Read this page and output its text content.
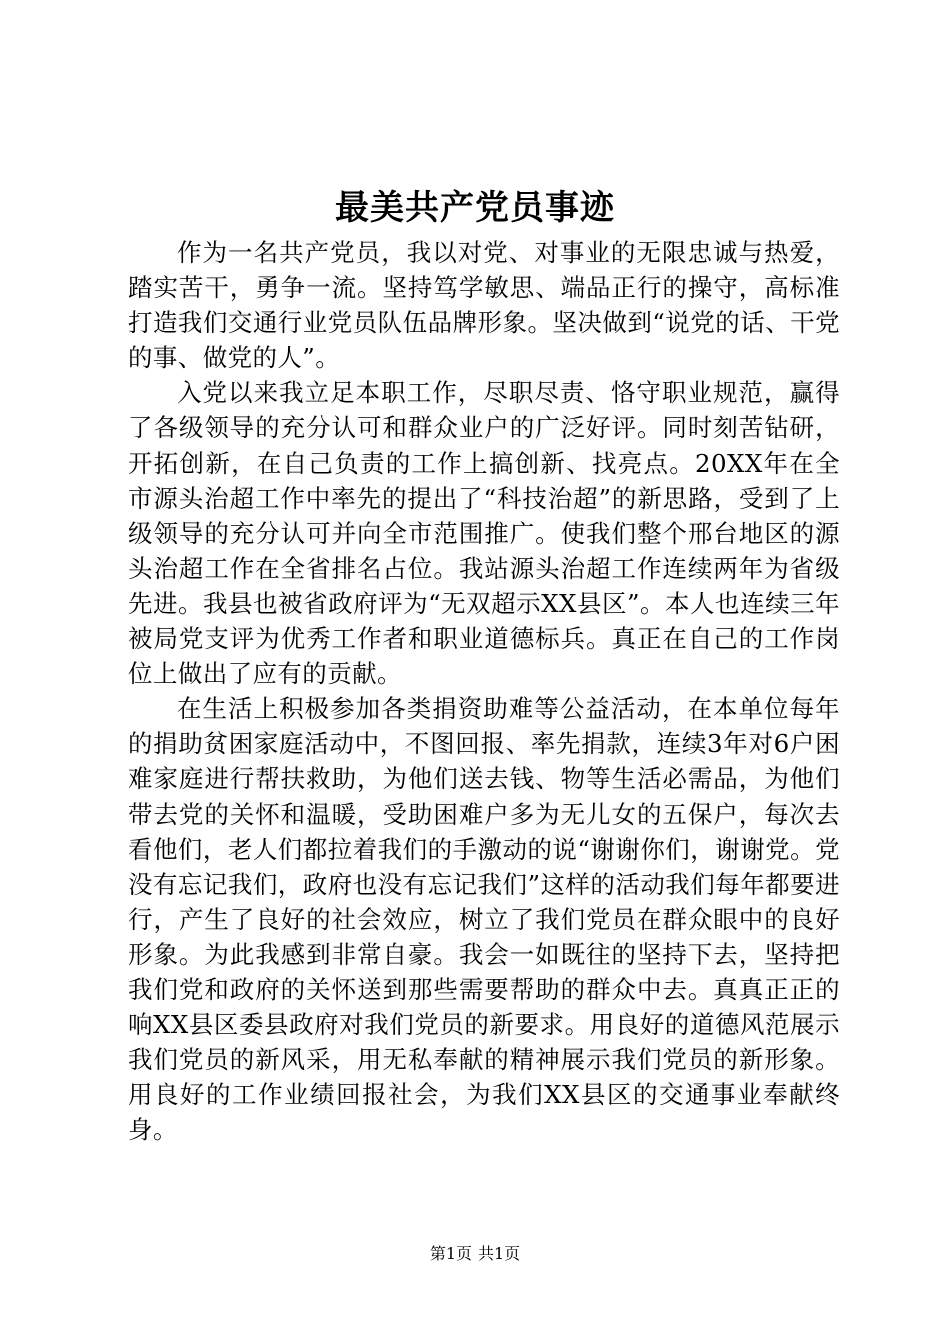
最美共产党员事迹

作为一名共产党员，我以对党、对事业的无限忠诚与热爱，踏实苦干，勇争一流。坚持笃学敏思、端品正行的操守，高标准打造我们交通行业党员队伍品牌形象。坚决做到“说党的话、干党的事、做党的人”。

入党以来我立足本职工作，尽职尽责、恪守职业规范，赢得了各级领导的充分认可和群众业户的广泛好评。同时刻苦钻研，开拓创新，在自己负责的工作上搞创新、找亮点。20XX年在全市源头治超工作中率先的提出了“科技治超”的新思路，受到了上级领导的充分认可并向全市范围推广。使我们整个邢台地区的源头治超工作在全省排名占位。我站源头治超工作连续两年为省级先进。我县也被省政府评为“无双超示XX县区”。本人也连续三年被局党支评为优秀工作者和职业道德标兵。真正在自己的工作岗位上做出了应有的贡献。

在生活上积极参加各类捐资助难等公益活动，在本单位每年的捐助贫困家庭活动中，不图回报、率先捐款，连续3年对6户困难家庭进行帮扶救助，为他们送去钱、物等生活必需品，为他们带去党的关怀和温暖，受助困难户多为无儿女的五保户，每次去看他们，老人们都拉着我们的手激动的说“谢谢你们，谢谢党。党没有忘记我们，政府也没有忘记我们”这样的活动我们每年都要进行，产生了良好的社会效应，树立了我们党员在群众眼中的良好形象。为此我感到非常自豪。我会一如既往的坚持下去，坚持把我们党和政府的关怀送到那些需要帮助的群众中去。真真正正的响XX县区委县政府对我们党员的新要求。用良好的道德风范展示我们党员的新风采，用无私奉献的精神展示我们党员的新形象。用良好的工作业绩回报社会，为我们XX县区的交通事业奉献终身。

第1页 共1页
